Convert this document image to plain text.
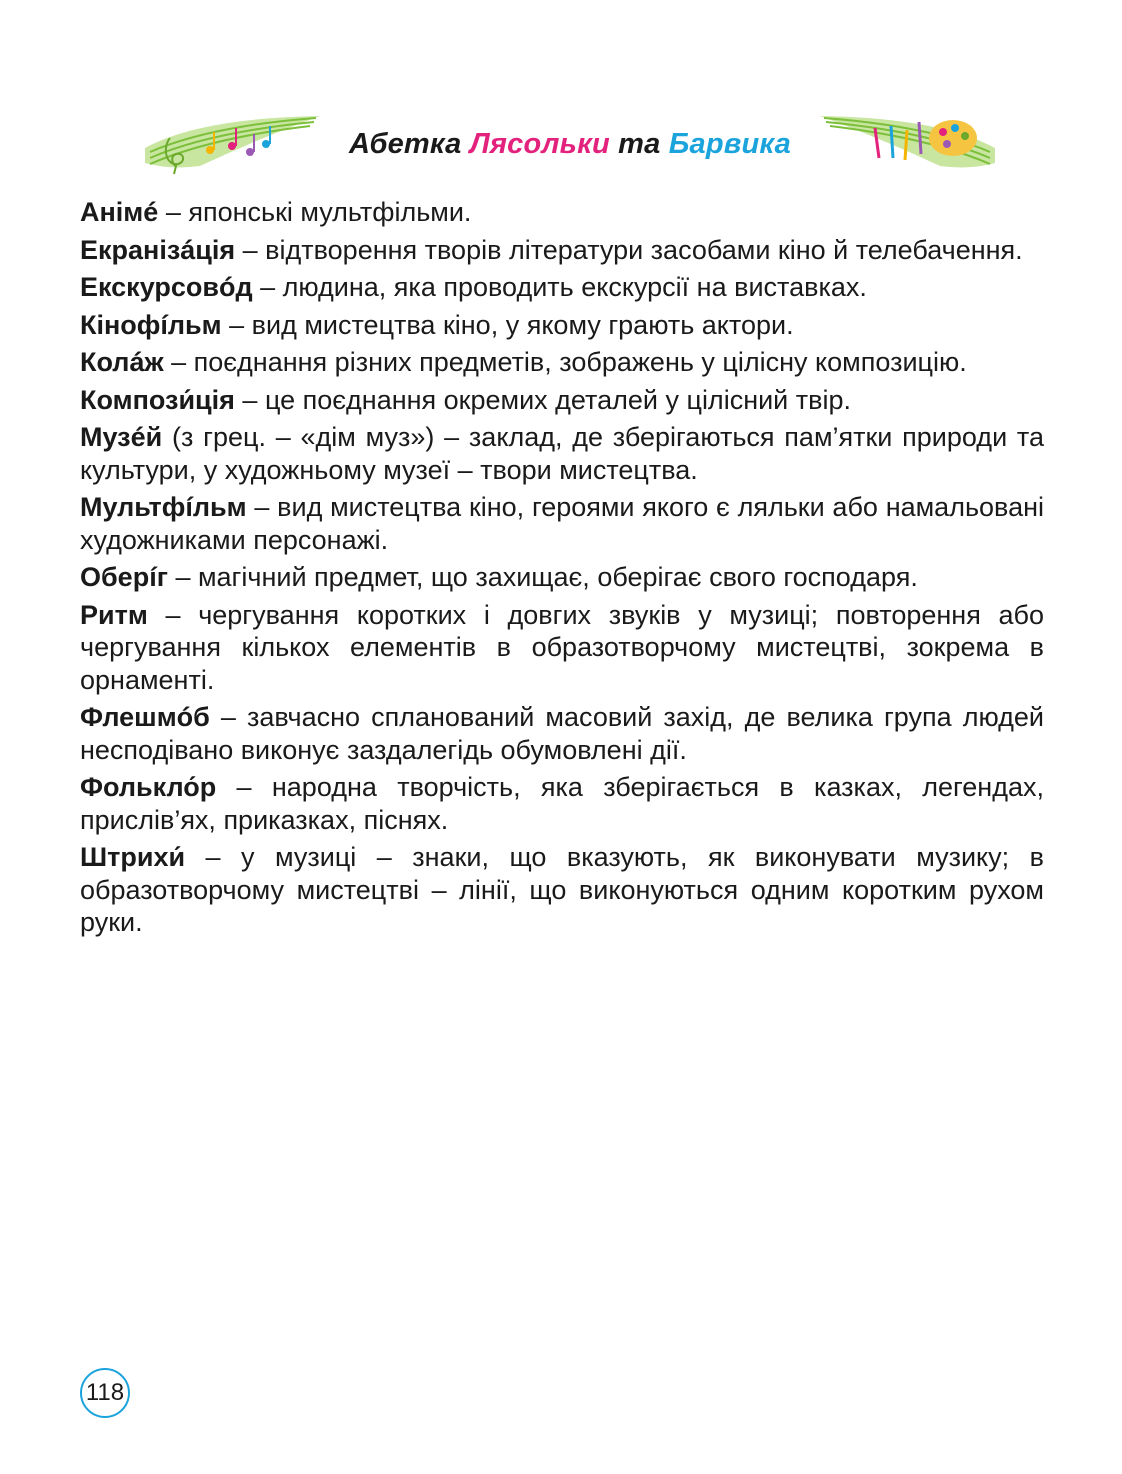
Абетка Лясольки та Барвика

Анімé – японські мультфільми.

Екранізáція – відтворення творів літератури засобами кіно й телебачення.

Екскурсовóд – людина, яка проводить екскурсії на виставках.

Кінофíльм – вид мистецтва кіно, у якому грають актори.

Колáж – поєднання різних предметів, зображень у цілісну композицію.

Компози́ція – це поєднання окремих деталей у цілісний твір.

Музéй (з грец. – «дім муз») – заклад, де зберігаються пам’ятки природи та культури, у художньому музеї – твори мистецтва.

Мультфíльм – вид мистецтва кіно, героями якого є ляльки або намальовані художниками персонажі.

Оберíг – магічний предмет, що захищає, оберігає свого господаря.

Ритм – чергування коротких і довгих звуків у музиці; повторення або чергування кількох елементів в образотворчому мистецтві, зокрема в орнаменті.

Флешмóб – завчасно сплановaний масовий захід, де велика група людей несподівано виконує заздалегідь обумовлені дії.

Фолькло́р – народна творчість, яка зберігається в казках, легендах, прислів’ях, приказках, піснях.

Штрихи́ – у музиці – знаки, що вказують, як виконувати музику; в образотворчому мистецтві – лінії, що виконуються одним коротким рухом руки.

118
